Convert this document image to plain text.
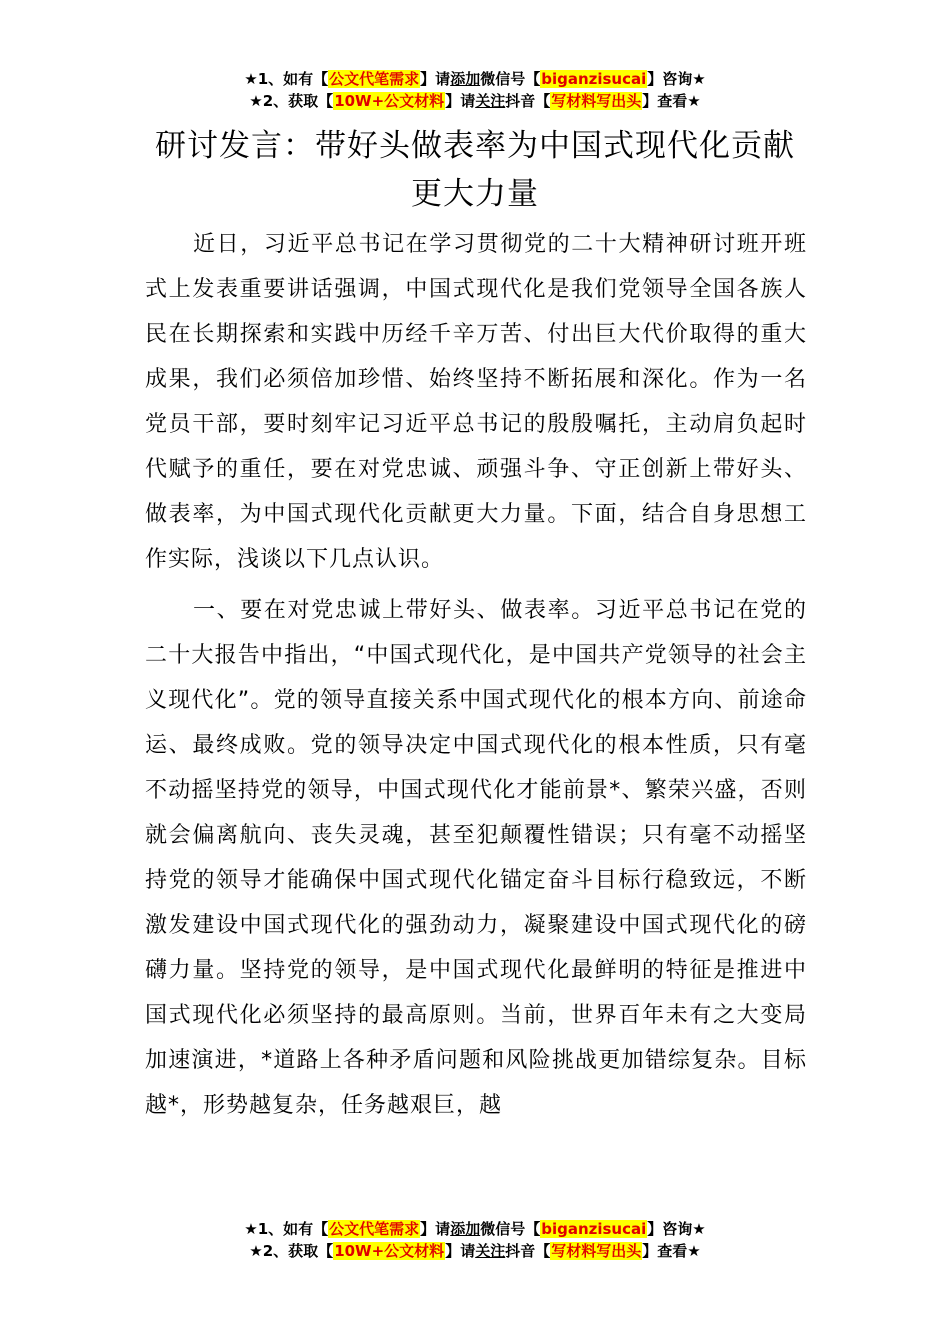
★1、如有【公文代笔需求】请添加微信号【biganzisucai】咨询★
★2、获取【10W+公文材料】请关注抖音【写材料写出头】查看★
研讨发言：带好头做表率为中国式现代化贡献更大力量

近日，习近平总书记在学习贯彻党的二十大精神研讨班开班式上发表重要讲话强调，中国式现代化是我们党领导全国各族人民在长期探索和实践中历经千辛万苦、付出巨大代价取得的重大成果，我们必须倍加珍惜、始终坚持不断拓展和深化。作为一名党员干部，要时刻牢记习近平总书记的殷殷嘱托，主动肩负起时代赋予的重任，要在对党忠诚、顽强斗争、守正创新上带好头、做表率，为中国式现代化贡献更大力量。下面，结合自身思想工作实际，浅谈以下几点认识。

一、要在对党忠诚上带好头、做表率。习近平总书记在党的二十大报告中指出，“中国式现代化，是中国共产党领导的社会主义现代化”。党的领导直接关系中国式现代化的根本方向、前途命运、最终成败。党的领导决定中国式现代化的根本性质，只有毫不动摇坚持党的领导，中国式现代化才能前景*、繁荣兴盛，否则就会偏离航向、丧失灵魂，甚至犯颠覆性错误；只有毫不动摇坚持党的领导才能确保中国式现代化锚定奋斗目标行稳致远，不断激发建设中国式现代化的强劲动力，凝聚建设中国式现代化的磅礴力量。坚持党的领导，是中国式现代化最鲜明的特征是推进中国式现代化必须坚持的最高原则。当前，世界百年未有之大变局加速演进，*道路上各种矛盾问题和风险挑战更加错综复杂。目标越*，形势越复杂，任务越艰巨，越

★1、如有【公文代笔需求】请添加微信号【biganzisucai】咨询★
★2、获取【10W+公文材料】请关注抖音【写材料写出头】查看★
